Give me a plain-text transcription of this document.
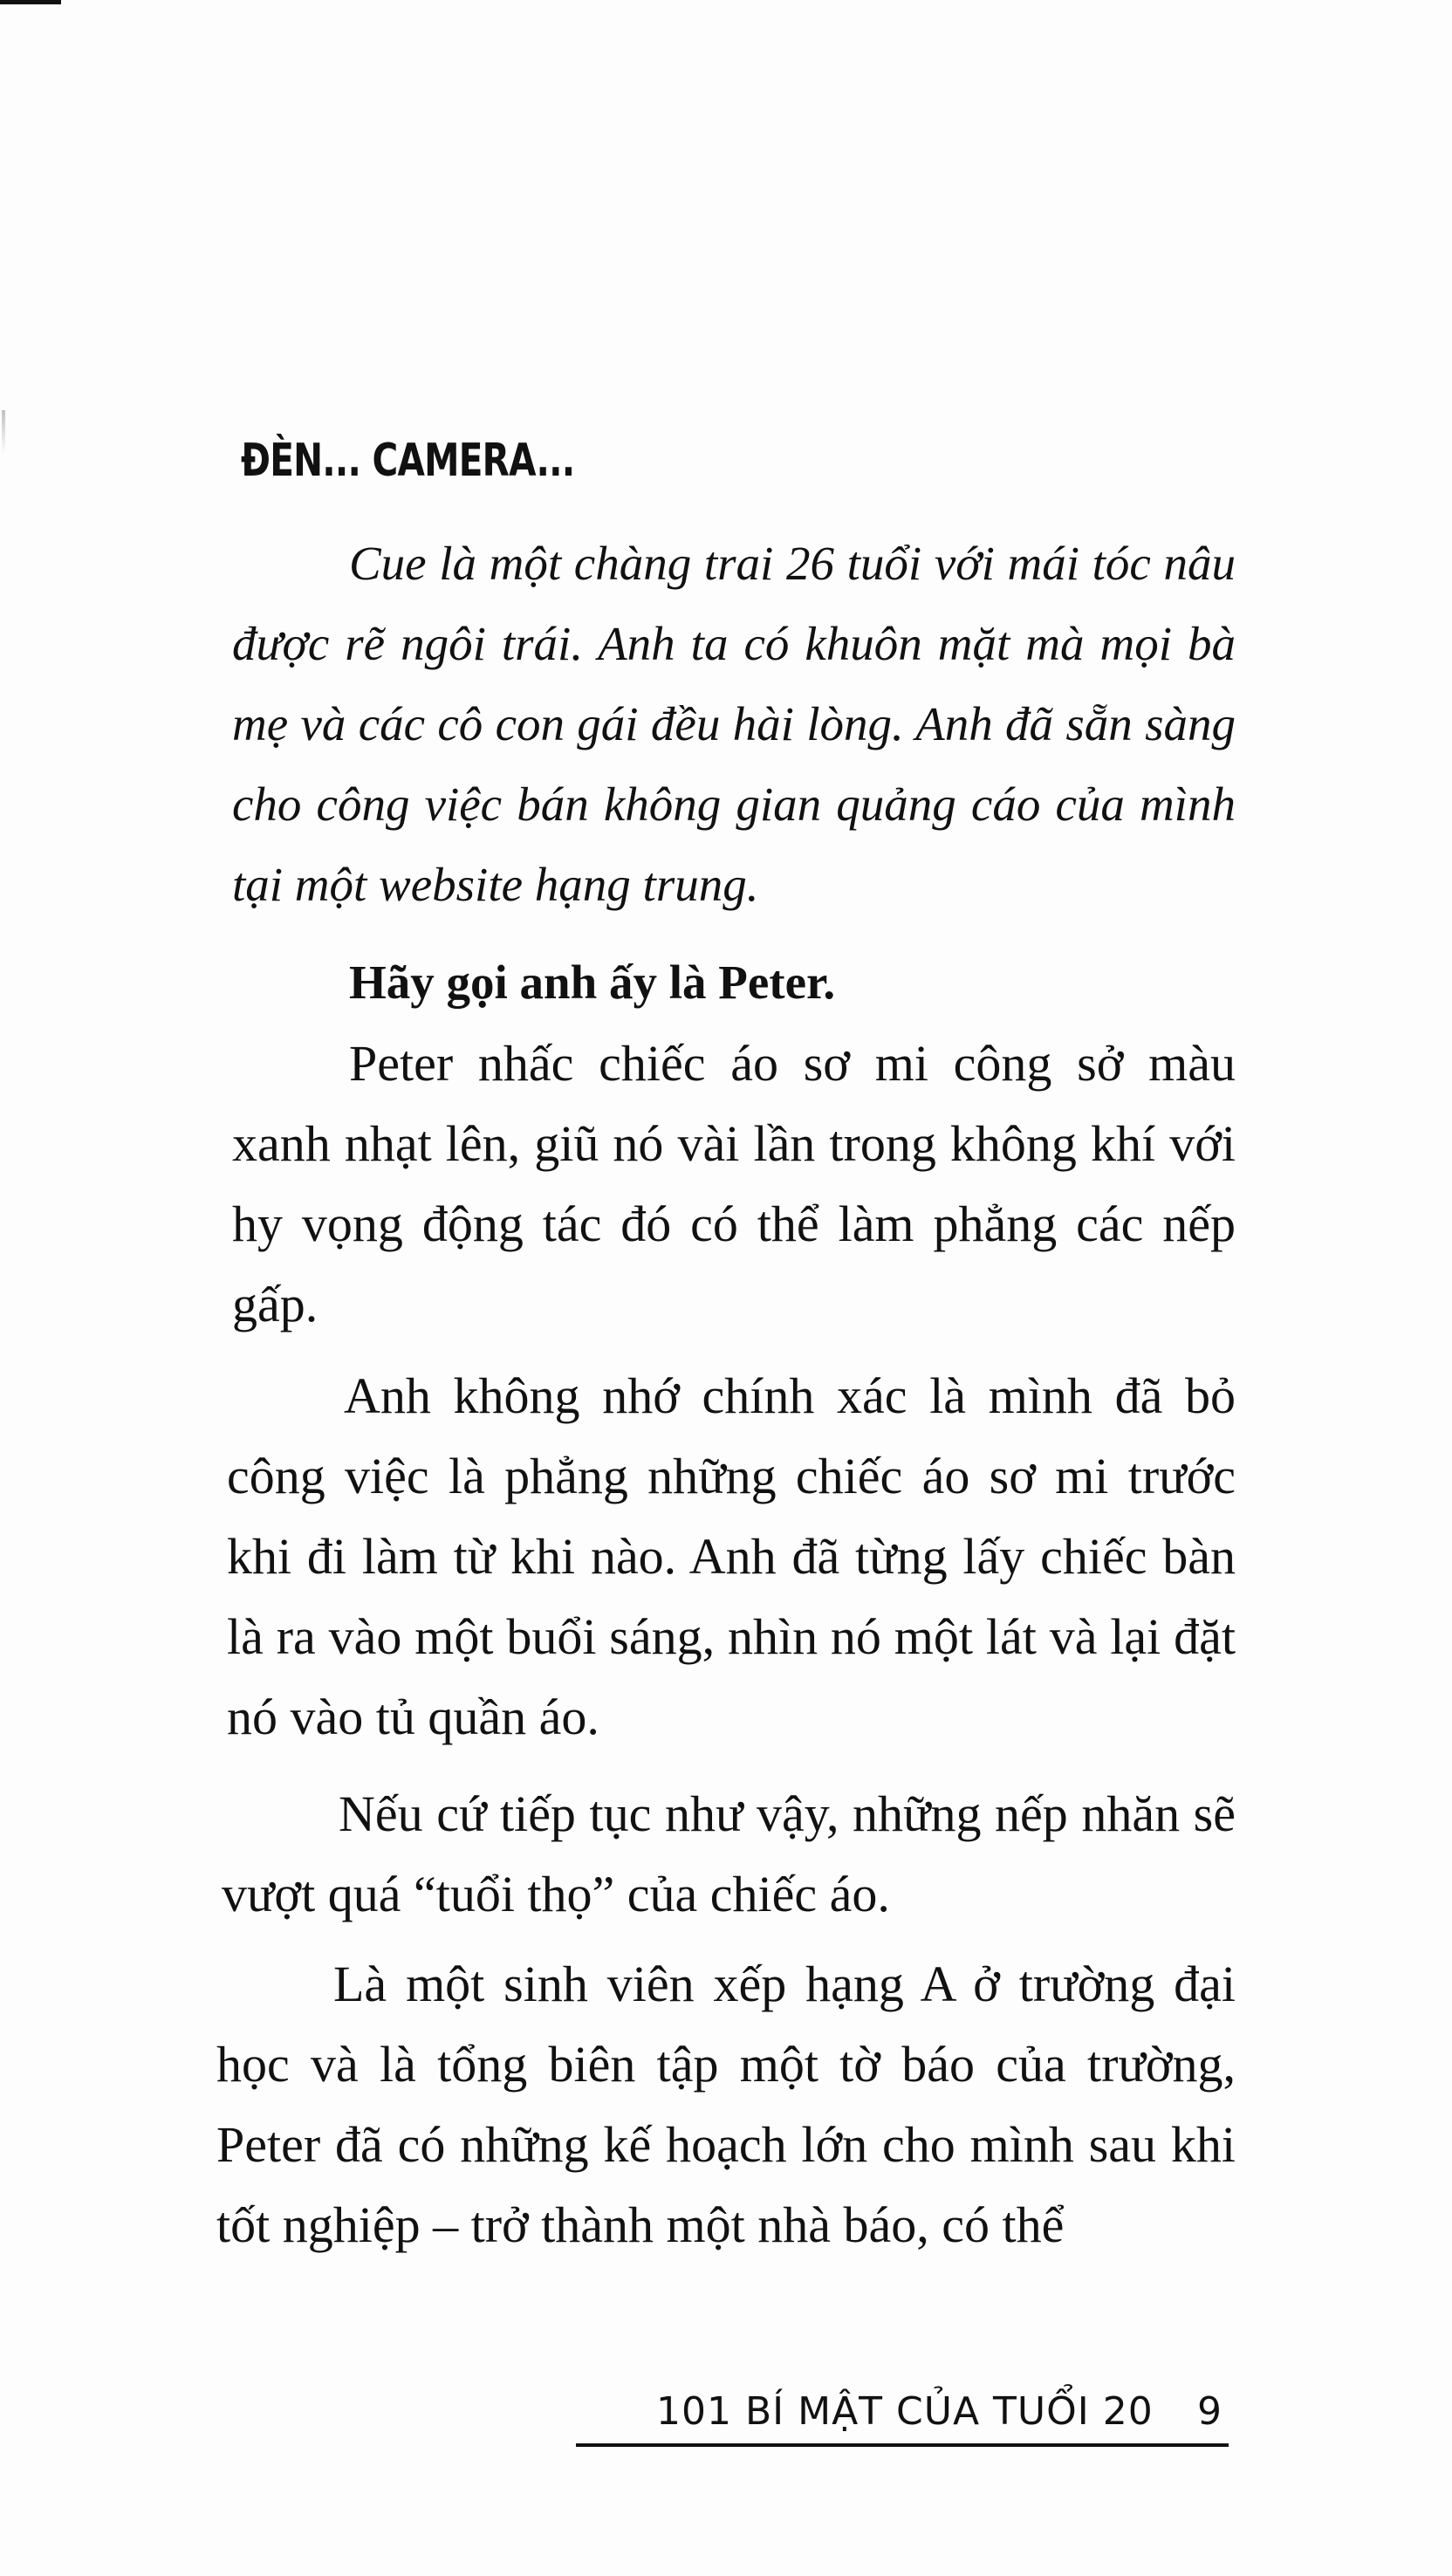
ĐÈN... CAMERA...

Cue là một chàng trai 26 tuổi với mái tóc nâu được rẽ ngôi trái. Anh ta có khuôn mặt mà mọi bà mẹ và các cô con gái đều hài lòng. Anh đã sẵn sàng cho công việc bán không gian quảng cáo của mình tại một website hạng trung.

Hãy gọi anh ấy là Peter.

Peter nhấc chiếc áo sơ mi công sở màu xanh nhạt lên, giũ nó vài lần trong không khí với hy vọng động tác đó có thể làm phẳng các nếp gấp.

Anh không nhớ chính xác là mình đã bỏ công việc là phẳng những chiếc áo sơ mi trước khi đi làm từ khi nào. Anh đã từng lấy chiếc bàn là ra vào một buổi sáng, nhìn nó một lát và lại đặt nó vào tủ quần áo.

Nếu cứ tiếp tục như vậy, những nếp nhăn sẽ vượt quá “tuổi thọ” của chiếc áo.

Là một sinh viên xếp hạng A ở trường đại học và là tổng biên tập một tờ báo của trường, Peter đã có những kế hoạch lớn cho mình sau khi tốt nghiệp – trở thành một nhà báo, có thể

101 BÍ MẬT CỦA TUỔI 20 9
